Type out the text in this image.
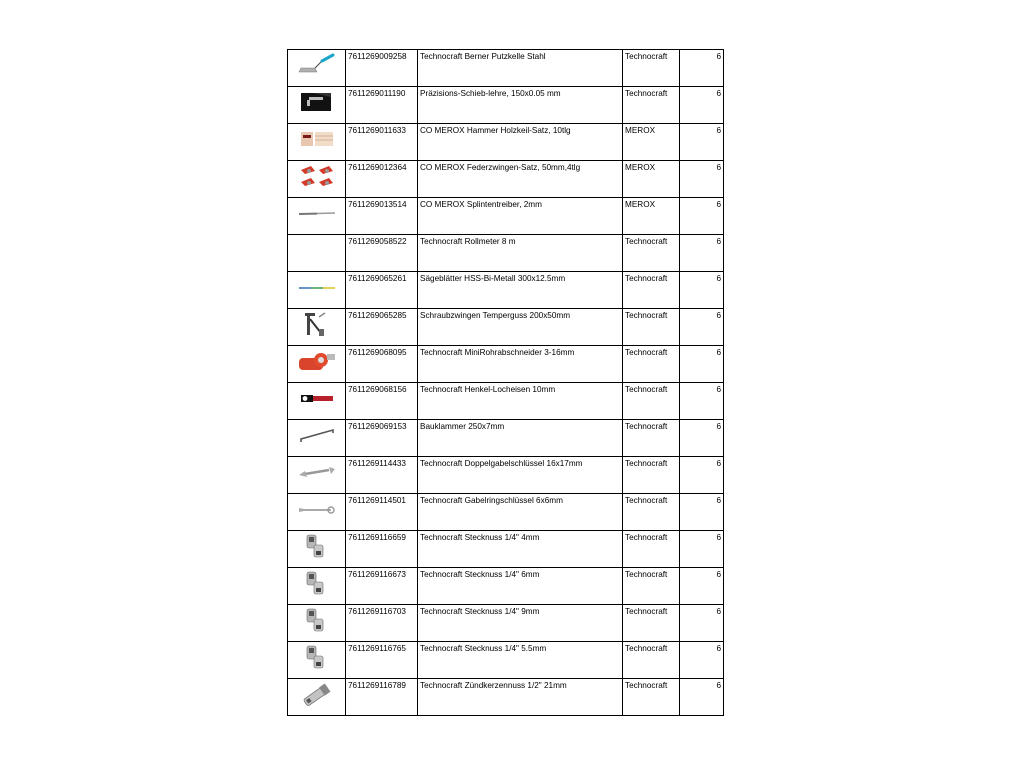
	7611269009258	Technocraft Berner Putzkelle Stahl	Technocraft	6

	7611269011190	Präzisions-Schieb-lehre, 150x0.05 mm	Technocraft	6

	7611269011633	CO MEROX Hammer Holzkeil-Satz, 10tlg	MEROX	6

	7611269012364	CO MEROX Federzwingen-Satz, 50mm,4tlg	MEROX	6

	7611269013514	CO MEROX Splintentreiber, 2mm	MEROX	6
	7611269058522	Technocraft Rollmeter 8 m	Technocraft	6

	7611269065261	Sägeblätter HSS-Bi-Metall 300x12.5mm	Technocraft	6

	7611269065285	Schraubzwingen Temperguss 200x50mm	Technocraft	6

	7611269068095	Technocraft MiniRohrabschneider 3-16mm	Technocraft	6

	7611269068156	Technocraft Henkel-Locheisen 10mm	Technocraft	6

	7611269069153	Bauklammer 250x7mm	Technocraft	6

	7611269114433	Technocraft Doppelgabelschlüssel 16x17mm	Technocraft	6

	7611269114501	Technocraft Gabelringschlüssel 6x6mm	Technocraft	6

	7611269116659	Technocraft Stecknuss 1/4" 4mm	Technocraft	6

	7611269116673	Technocraft Stecknuss 1/4" 6mm	Technocraft	6

	7611269116703	Technocraft Stecknuss 1/4" 9mm	Technocraft	6

	7611269116765	Technocraft Stecknuss 1/4" 5.5mm	Technocraft	6

	7611269116789	Technocraft Zündkerzennuss 1/2" 21mm	Technocraft	6
